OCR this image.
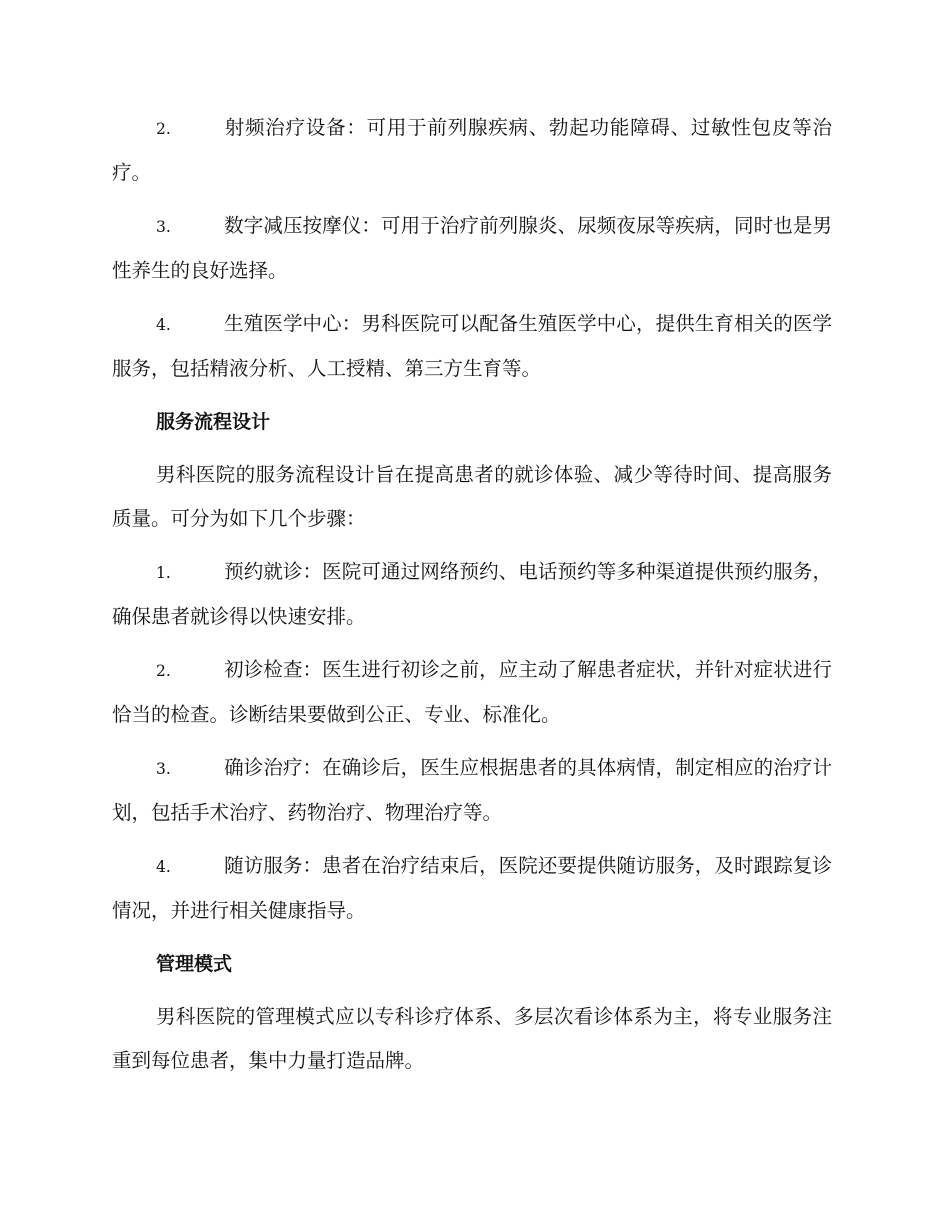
2.	射频治疗设备：可用于前列腺疾病、勃起功能障碍、过敏性包皮等治疗。

3.	数字减压按摩仪：可用于治疗前列腺炎、尿频夜尿等疾病，同时也是男性养生的良好选择。

4.	生殖医学中心：男科医院可以配备生殖医学中心，提供生育相关的医学服务，包括精液分析、人工授精、第三方生育等。

服务流程设计

男科医院的服务流程设计旨在提高患者的就诊体验、减少等待时间、提高服务质量。可分为如下几个步骤：

1.	预约就诊：医院可通过网络预约、电话预约等多种渠道提供预约服务，确保患者就诊得以快速安排。

2.	初诊检查：医生进行初诊之前，应主动了解患者症状，并针对症状进行恰当的检查。诊断结果要做到公正、专业、标准化。

3.	确诊治疗：在确诊后，医生应根据患者的具体病情，制定相应的治疗计划，包括手术治疗、药物治疗、物理治疗等。

4.	随访服务：患者在治疗结束后，医院还要提供随访服务，及时跟踪复诊情况，并进行相关健康指导。

管理模式

男科医院的管理模式应以专科诊疗体系、多层次看诊体系为主，将专业服务注重到每位患者，集中力量打造品牌。
